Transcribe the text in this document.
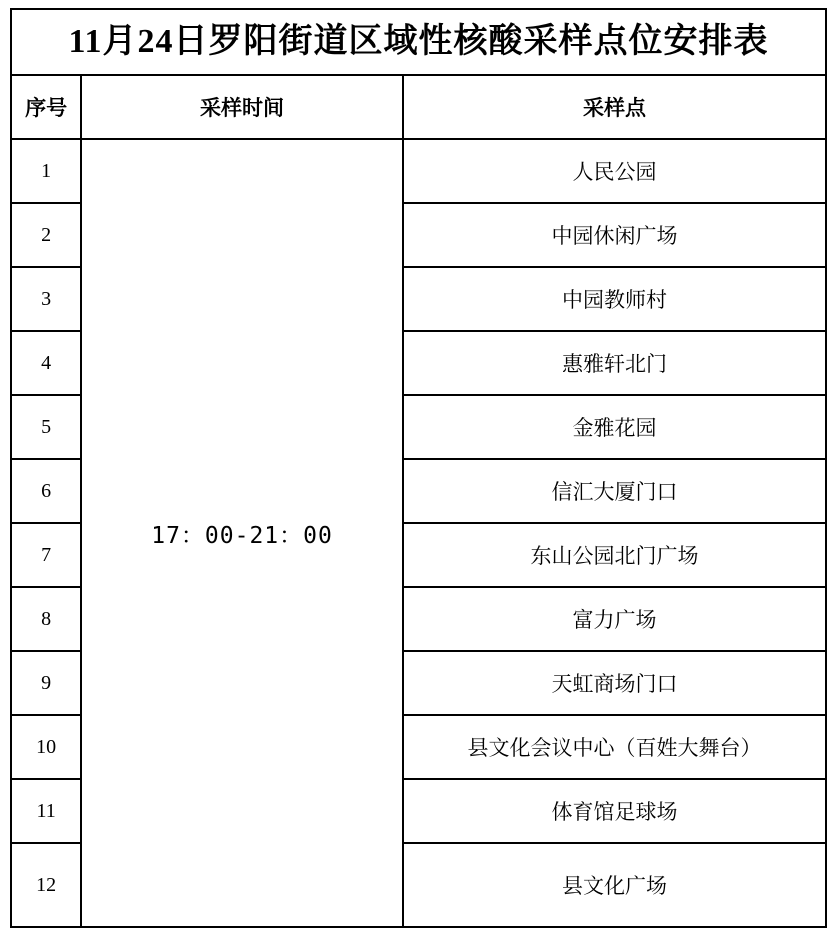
11月24日罗阳街道区域性核酸采样点位安排表		
序号	采样时间	采样点
1	17：00-21：00	人民公园
2		中园休闲广场
3		中园教师村
4		惠雅轩北门
5		金雅花园
6		信汇大厦门口
7		东山公园北门广场
8		富力广场
9		天虹商场门口
10		县文化会议中心（百姓大舞台）
11		体育馆足球场
12		县文化广场
